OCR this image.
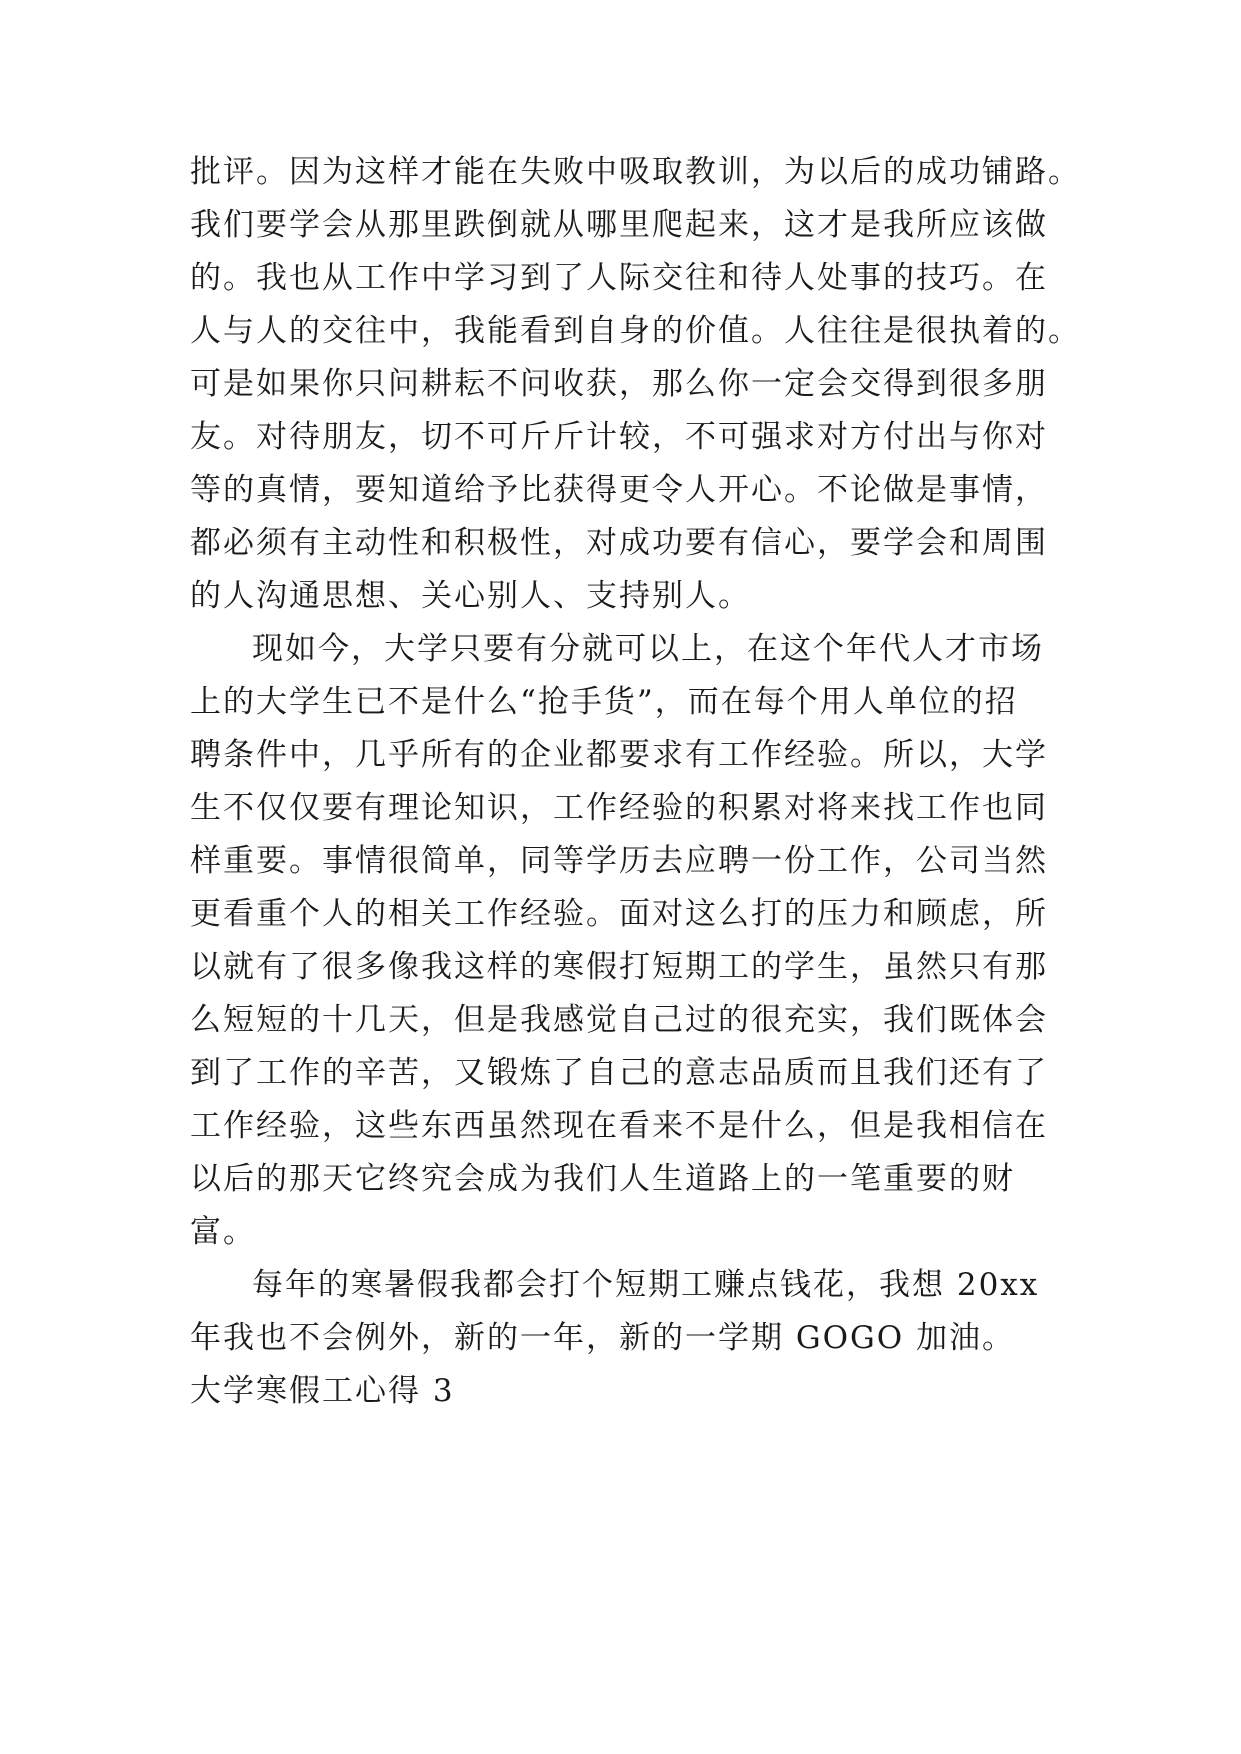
批评。因为这样才能在失败中吸取教训，为以后的成功铺路。
我们要学会从那里跌倒就从哪里爬起来，这才是我所应该做
的。我也从工作中学习到了人际交往和待人处事的技巧。在
人与人的交往中，我能看到自身的价值。人往往是很执着的。
可是如果你只问耕耘不问收获，那么你一定会交得到很多朋
友。对待朋友，切不可斤斤计较，不可强求对方付出与你对
等的真情，要知道给予比获得更令人开心。不论做是事情，
都必须有主动性和积极性，对成功要有信心，要学会和周围
的人沟通思想、关心别人、支持别人。
现如今，大学只要有分就可以上，在这个年代人才市场
上的大学生已不是什么“抢手货”，而在每个用人单位的招
聘条件中，几乎所有的企业都要求有工作经验。所以，大学
生不仅仅要有理论知识，工作经验的积累对将来找工作也同
样重要。事情很简单，同等学历去应聘一份工作，公司当然
更看重个人的相关工作经验。面对这么打的压力和顾虑，所
以就有了很多像我这样的寒假打短期工的学生，虽然只有那
么短短的十几天，但是我感觉自己过的很充实，我们既体会
到了工作的辛苦，又锻炼了自己的意志品质而且我们还有了
工作经验，这些东西虽然现在看来不是什么，但是我相信在
以后的那天它终究会成为我们人生道路上的一笔重要的财
富。
每年的寒暑假我都会打个短期工赚点钱花，我想 20xx
年我也不会例外，新的一年，新的一学期 GOGO 加油。
大学寒假工心得 3
